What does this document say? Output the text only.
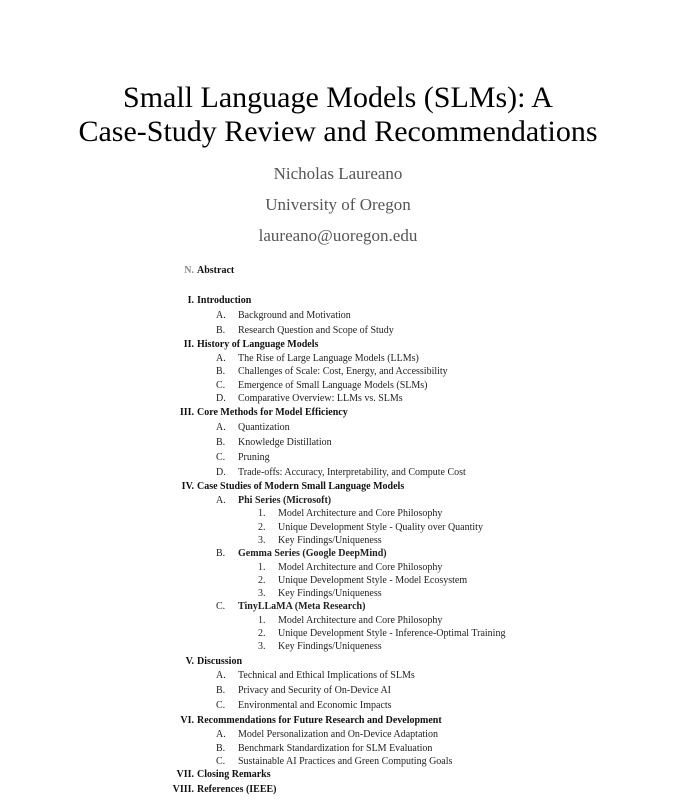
Small Language Models (SLMs): A
Case-Study Review and Recommendations
Nicholas Laureano
University of Oregon
laureano@uoregon.edu
N. Abstract
I. Introduction
A.	Background and Motivation
B.	Research Question and Scope of Study
II. History of Language Models
A.	The Rise of Large Language Models (LLMs)
B.	Challenges of Scale: Cost, Energy, and Accessibility
C.	Emergence of Small Language Models (SLMs)
D.	Comparative Overview: LLMs vs. SLMs
III. Core Methods for Model Efficiency
A.	Quantization
B.	Knowledge Distillation
C.	Pruning
D.	Trade-offs: Accuracy, Interpretability, and Compute Cost
IV. Case Studies of Modern Small Language Models
A.	Phi Series (Microsoft)
1.	Model Architecture and Core Philosophy
2.	Unique Development Style - Quality over Quantity
3.	Key Findings/Uniqueness
B.	Gemma Series (Google DeepMind)
1.	Model Architecture and Core Philosophy
2.	Unique Development Style - Model Ecosystem
3.	Key Findings/Uniqueness
C.	TinyLLaMA (Meta Research)
1.	Model Architecture and Core Philosophy
2.	Unique Development Style - Inference-Optimal Training
3.	Key Findings/Uniqueness
V. Discussion
A.	Technical and Ethical Implications of SLMs
B.	Privacy and Security of On-Device AI
C.	Environmental and Economic Impacts
VI. Recommendations for Future Research and Development
A.	Model Personalization and On-Device Adaptation
B.	Benchmark Standardization for SLM Evaluation
C.	Sustainable AI Practices and Green Computing Goals
VII. Closing Remarks
VIII. References (IEEE)
